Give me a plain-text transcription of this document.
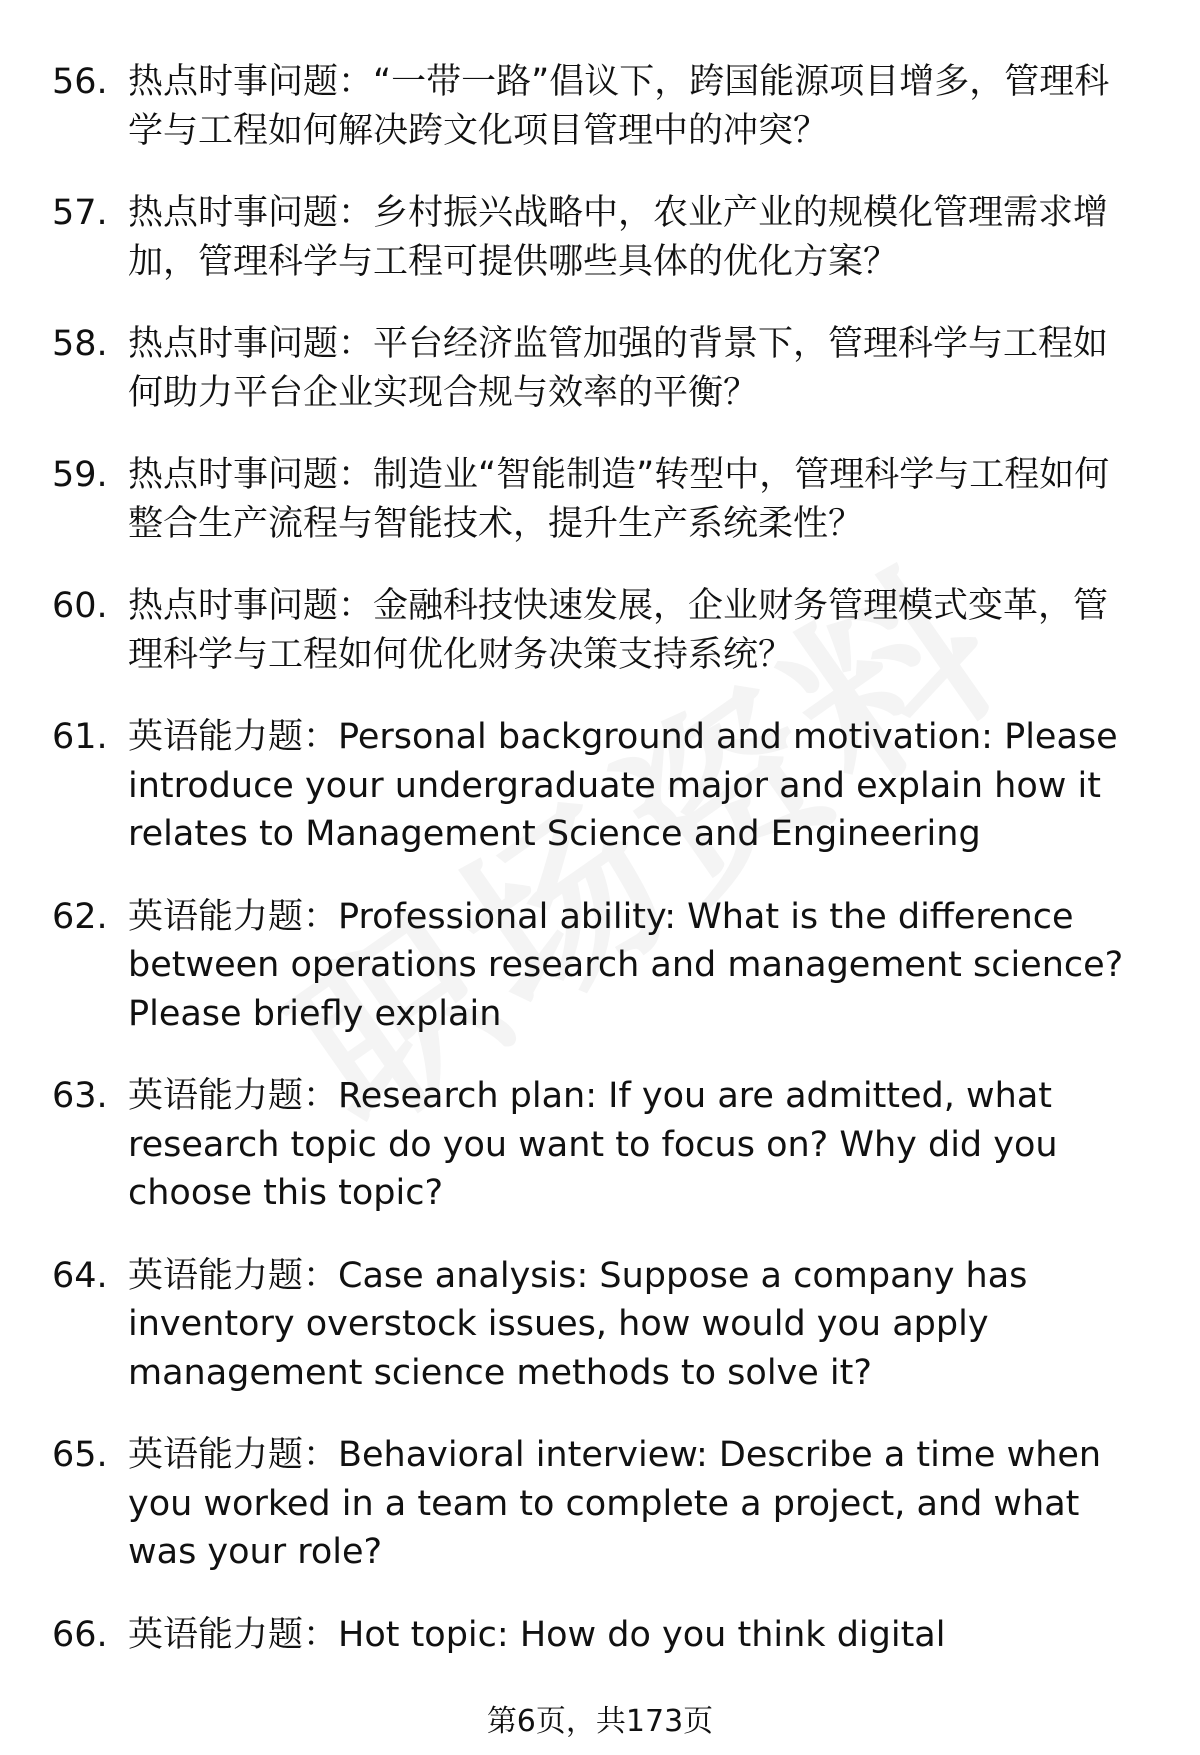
56. 热点时事问题：“一带一路”倡议下，跨国能源项目增多，管理科学与工程如何解决跨文化项目管理中的冲突？
57. 热点时事问题：乡村振兴战略中，农业产业的规模化管理需求增加，管理科学与工程可提供哪些具体的优化方案？
58. 热点时事问题：平台经济监管加强的背景下，管理科学与工程如何助力平台企业实现合规与效率的平衡？
59. 热点时事问题：制造业“智能制造”转型中，管理科学与工程如何整合生产流程与智能技术，提升生产系统柔性？
60. 热点时事问题：金融科技快速发展，企业财务管理模式变革，管理科学与工程如何优化财务决策支持系统？
61. 英语能力题：Personal background and motivation: Please introduce your undergraduate major and explain how it relates to Management Science and Engineering
62. 英语能力题：Professional ability: What is the difference between operations research and management science? Please briefly explain
63. 英语能力题：Research plan: If you are admitted, what research topic do you want to focus on? Why did you choose this topic?
64. 英语能力题：Case analysis: Suppose a company has inventory overstock issues, how would you apply management science methods to solve it?
65. 英语能力题：Behavioral interview: Describe a time when you worked in a team to complete a project, and what was your role?
66. 英语能力题：Hot topic: How do you think digital
第6页，共173页
